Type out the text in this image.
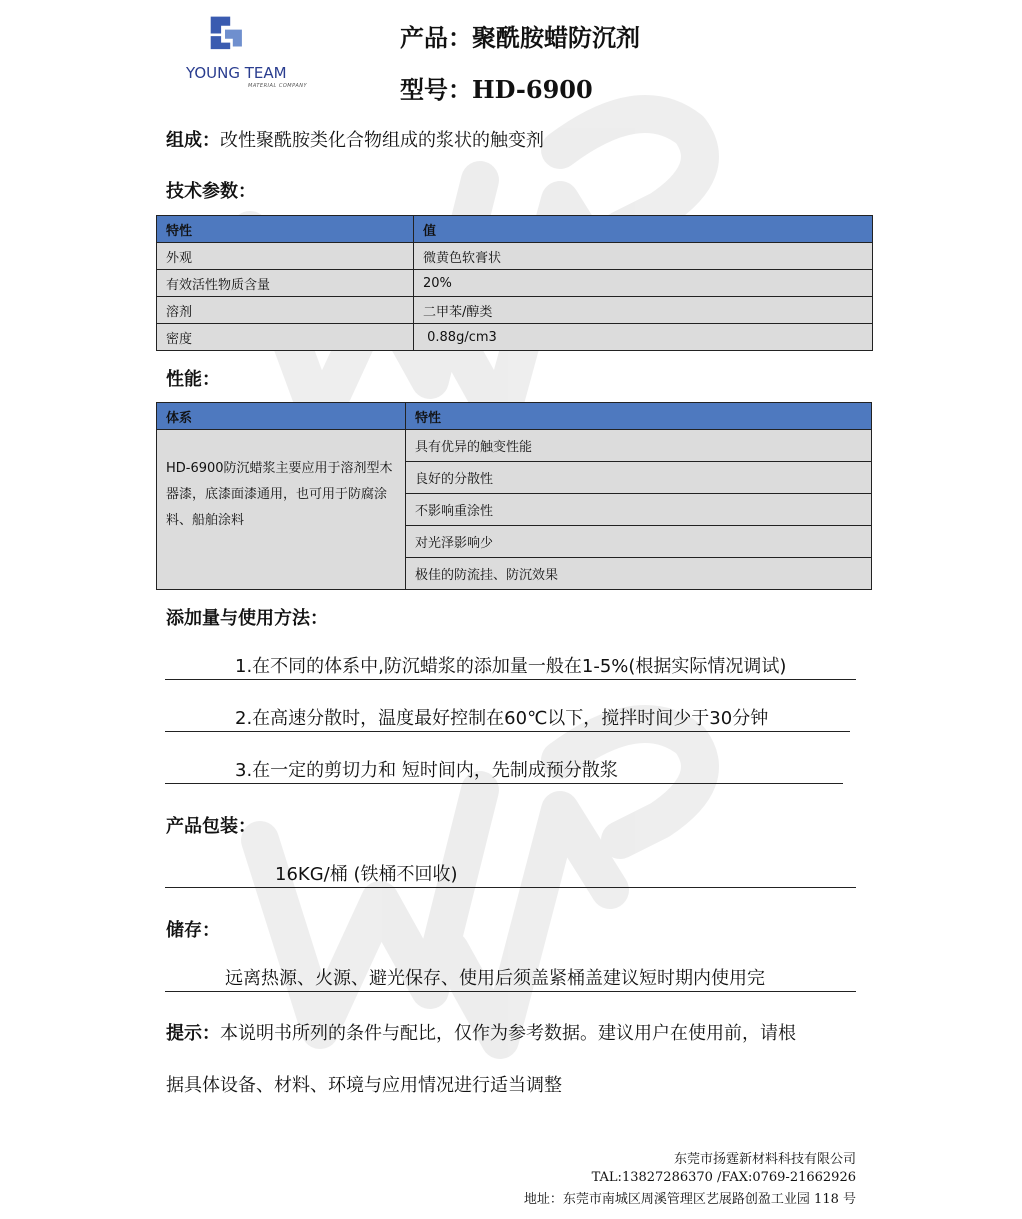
YOUNG TEAM
MATERIAL COMPANY
产品：聚酰胺蜡防沉剂
型号：HD-6900
组成：改性聚酰胺类化合物组成的浆状的触变剂
技术参数：
特性	值
外观	微黄色软膏状
有效活性物质含量	20%
溶剂	二甲苯/醇类
密度	0.88g/cm3
性能：
体系	特性
HD-6900防沉蜡浆主要应用于溶剂型木器漆，底漆面漆通用，也可用于防腐涂料、船舶涂料	具有优异的触变性能
	良好的分散性
	不影响重涂性
	对光泽影响少
	极佳的防流挂、防沉效果
添加量与使用方法：
1.在不同的体系中,防沉蜡浆的添加量一般在1-5%(根据实际情况调试)
2.在高速分散时，温度最好控制在60℃以下，搅拌时间少于30分钟
3.在一定的剪切力和 短时间内，先制成预分散浆
产品包装：
16KG/桶 (铁桶不回收)
储存：
远离热源、火源、避光保存、使用后须盖紧桶盖建议短时期内使用完
提示：本说明书所列的条件与配比，仅作为参考数据。建议用户在使用前，请根
据具体设备、材料、环境与应用情况进行适当调整
东莞市扬霆新材料科技有限公司
TAL:13827286370 /FAX:0769-21662926
地址：东莞市南城区周溪管理区艺展路创盈工业园 118 号
